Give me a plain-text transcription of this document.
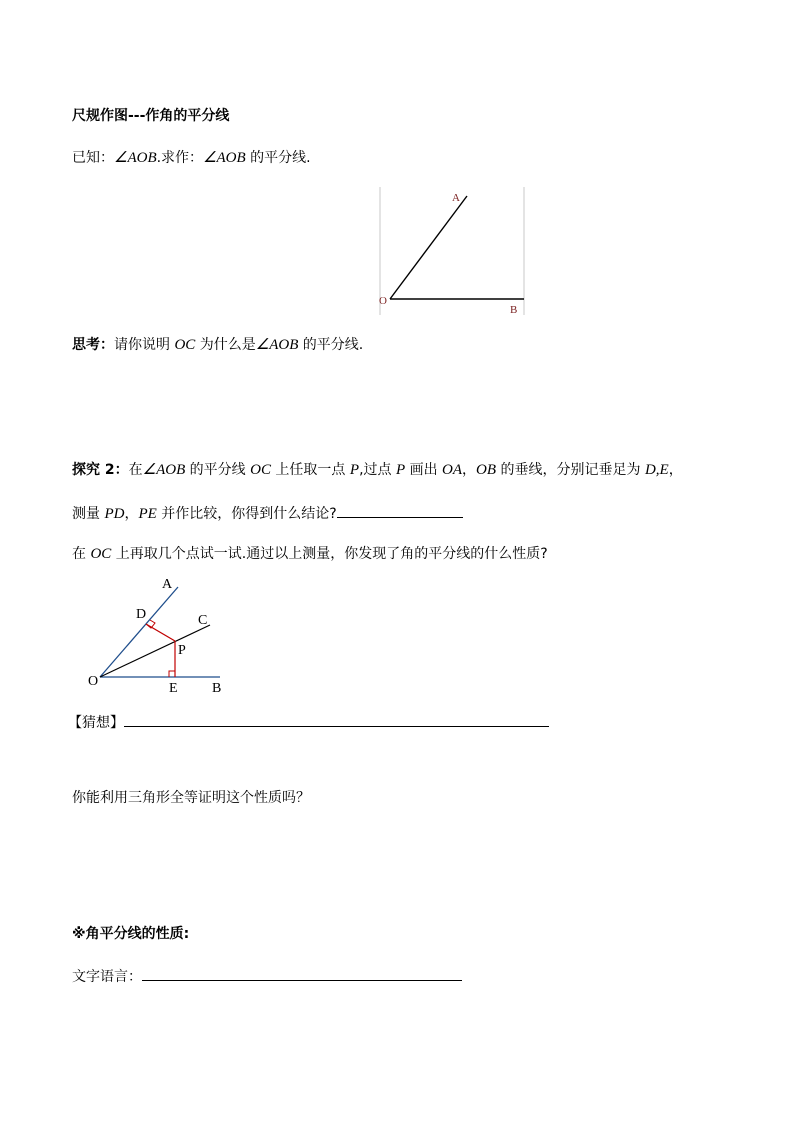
尺规作图---作角的平分线
已知：∠AOB.求作：∠AOB 的平分线.
A
O
B
思考：请你说明 OC 为什么是∠AOB 的平分线.
探究 2：在∠AOB 的平分线 OC 上任取一点 P,过点 P 画出 OA，OB 的垂线，分别记垂足为 D,E，
测量 PD，PE 并作比较，你得到什么结论?
在 OC 上再取几个点试一试.通过以上测量，你发现了角的平分线的什么性质?
A
D	C
P
O	E B
【猜想】
你能利用三角形全等证明这个性质吗？
※角平分线的性质:
文字语言：
